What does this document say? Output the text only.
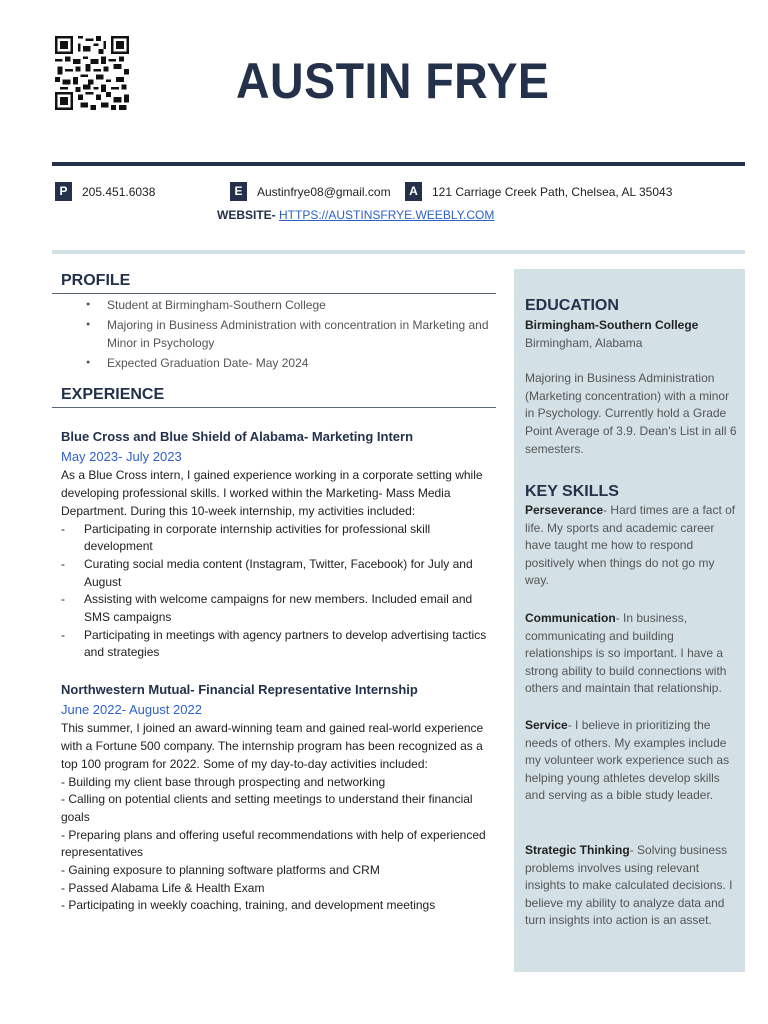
AUSTIN FRYE
P	205.451.6038	E	Austinfrye08@gmail.com	A	121 Carriage Creek Path, Chelsea, AL 35043
WEBSITE- HTTPS://AUSTINSFRYE.WEEBLY.COM
PROFILE
● Student at Birmingham-Southern College
● Majoring in Business Administration with concentration in Marketing and Minor in Psychology
● Expected Graduation Date- May 2024
EXPERIENCE
Blue Cross and Blue Shield of Alabama- Marketing Intern
May 2023- July 2023
As a Blue Cross intern, I gained experience working in a corporate setting while developing professional skills. I worked within the Marketing- Mass Media Department. During this 10-week internship, my activities included:
- Participating in corporate internship activities for professional skill development
- Curating social media content (Instagram, Twitter, Facebook) for July and August
- Assisting with welcome campaigns for new members. Included email and SMS campaigns
- Participating in meetings with agency partners to develop advertising tactics and strategies
Northwestern Mutual- Financial Representative Internship
June 2022- August 2022
This summer, I joined an award-winning team and gained real-world experience with a Fortune 500 company. The internship program has been recognized as a top 100 program for 2022. Some of my day-to-day activities included:
- Building my client base through prospecting and networking
- Calling on potential clients and setting meetings to understand their financial goals
- Preparing plans and offering useful recommendations with help of experienced representatives
- Gaining exposure to planning software platforms and CRM
- Passed Alabama Life & Health Exam
- Participating in weekly coaching, training, and development meetings
EDUCATION
Birmingham-Southern College
Birmingham, Alabama
Majoring in Business Administration (Marketing concentration) with a minor in Psychology. Currently hold a Grade Point Average of 3.9. Dean's List in all 6 semesters.
KEY SKILLS
Perseverance- Hard times are a fact of life. My sports and academic career have taught me how to respond positively when things do not go my way.
Communication- In business, communicating and building relationships is so important. I have a strong ability to build connections with others and maintain that relationship.
Service- I believe in prioritizing the needs of others. My examples include my volunteer work experience such as helping young athletes develop skills and serving as a bible study leader.
Strategic Thinking- Solving business problems involves using relevant insights to make calculated decisions. I believe my ability to analyze data and turn insights into action is an asset.
